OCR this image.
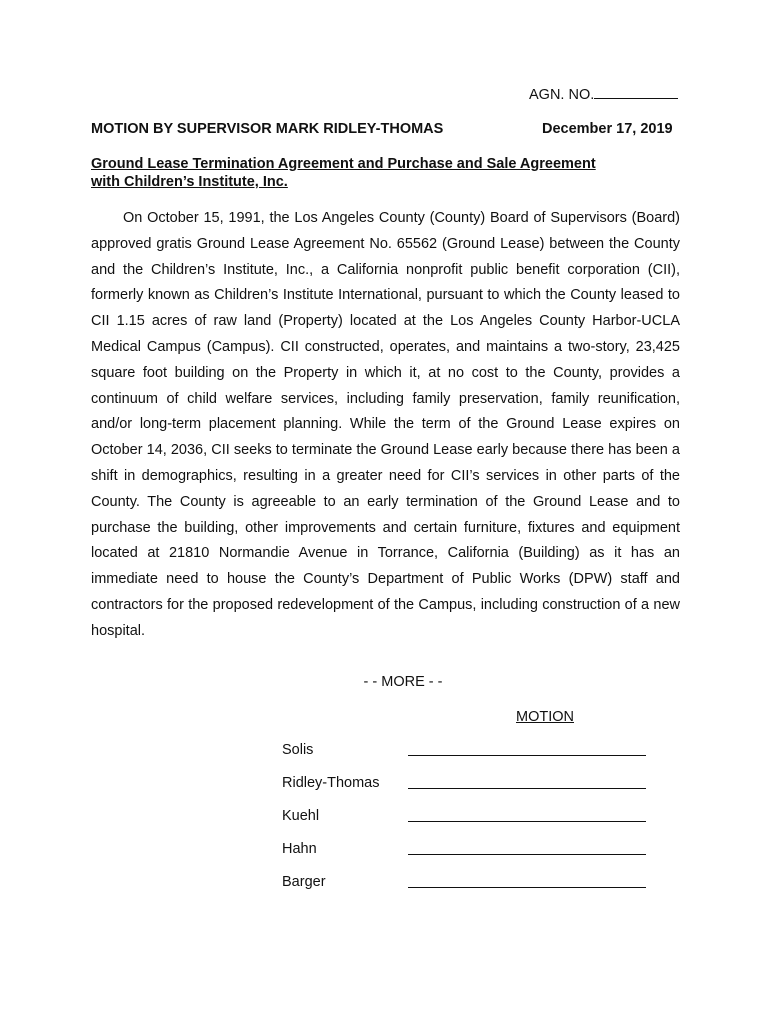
AGN. NO.
MOTION BY SUPERVISOR MARK RIDLEY-THOMAS	December 17, 2019
Ground Lease Termination Agreement and Purchase and Sale Agreement
with Children’s Institute, Inc.

On October 15, 1991, the Los Angeles County (County) Board of Supervisors (Board) approved gratis Ground Lease Agreement No. 65562 (Ground Lease) between the County and the Children’s Institute, Inc., a California nonprofit public benefit corporation (CII), formerly known as Children’s Institute International, pursuant to which the County leased to CII 1.15 acres of raw land (Property) located at the Los Angeles County Harbor-UCLA Medical Campus (Campus). CII constructed, operates, and maintains a two-story, 23,425 square foot building on the Property in which it, at no cost to the County, provides a continuum of child welfare services, including family preservation, family reunification, and/or long-term placement planning. While the term of the Ground Lease expires on October 14, 2036, CII seeks to terminate the Ground Lease early because there has been a shift in demographics, resulting in a greater need for CII’s services in other parts of the County. The County is agreeable to an early termination of the Ground Lease and to purchase the building, other improvements and certain furniture, fixtures and equipment located at 21810 Normandie Avenue in Torrance, California (Building) as it has an immediate need to house the County’s Department of Public Works (DPW) staff and contractors for the proposed redevelopment of the Campus, including construction of a new hospital.

- - MORE - -
MOTION
Solis
Ridley-Thomas
Kuehl
Hahn
Barger
